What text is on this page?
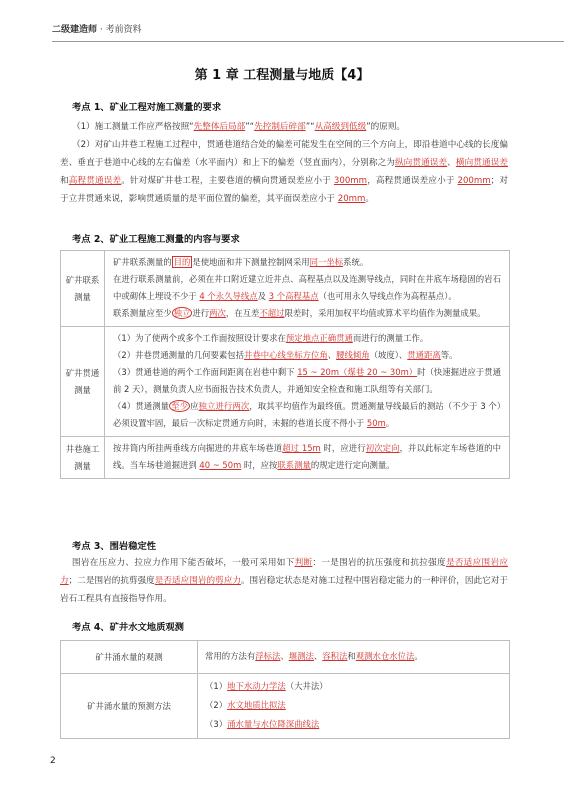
二级建造师 · 考前资料
第 1 章 工程测量与地质【4】
考点 1、矿业工程对施工测量的要求
（1）施工测量工作应严格按照“先整体后局部”“先控制后碎部”“从高级到低级”的原则。
（2）对矿山井巷工程施工过程中，贯通巷道结合处的偏差可能发生在空间的三个方向上，即沿巷道中心线的长度偏差、垂直于巷道中心线的左右偏差（水平面内）和上下的偏差（竖直面内），分别称之为纵向贯通误差、横向贯通误差和高程贯通误差。针对煤矿井巷工程，主要巷道的横向贯通误差应小于 300mm，高程贯通误差应小于 200mm；对于立井贯通来说，影响贯通质量的是平面位置的偏差，其平面误差应小于 20mm。
考点 2、矿业工程施工测量的内容与要求
矿井联系测量	矿井联系测量的 目的 是使地面和井下测量控制网采用同一坐标系统。
在进行联系测量前，必须在井口附近建立近井点、高程基点以及连测导线点，同时在井底车场稳固的岩石中或砌体上埋设不少于 4 个永久导线点及 3 个高程基点（也可用永久导线点作为高程基点）。
联系测量应至少 独立 进行两次，在互差不超过限差时，采用加权平均值或算术平均值作为测量成果。

矿井贯通测量	（1）为了使两个或多个工作面按照设计要求在预定地点正确贯通而进行的测量工作。
（2）井巷贯通测量的几何要素包括井巷中心线坐标方位角、腰线倾角（坡度）、贯通距离等。
（3）贯通巷道的两个工作面间距离在岩巷中剩下 15 ~ 20m（煤巷 20 ~ 30m）时（快速掘进应于贯通前 2 天），测量负责人应书面报告技术负责人，并通知安全检查和施工队组等有关部门。
（4）贯通测量 至少 应独立进行两次，取其平均值作为最终值。贯通测量导线最后的测站（不少于 3 个）必须设置牢固，最后一次标定贯通方向时，未掘的巷道长度不得小于 50m。

井巷施工测量	按井筒内所挂两垂线方向掘进的井底车场巷道超过 15m 时，应进行初次定向，并以此标定车场巷道的中线。当车场巷道掘进到 40 ~ 50m 时，应按联系测量的规定进行定向测量。
考点 3、围岩稳定性
围岩在压应力、拉应力作用下能否破坏，一般可采用如下判断：一是围岩的抗压强度和抗拉强度是否适应围岩应力；二是围岩的抗剪强度是否适应围岩的剪应力。围岩稳定状态是对施工过程中围岩稳定能力的一种评价，因此它对于岩石工程具有直接指导作用。
考点 4、矿井水文地质观测
矿井涌水量的观测	常用的方法有浮标法、堰测法、容积法和观测水仓水位法。
矿井涌水量的预测方法	（1）地下水动力学法（大井法）
（2）水文地质比拟法
（3）涌水量与水位降深曲线法
2
